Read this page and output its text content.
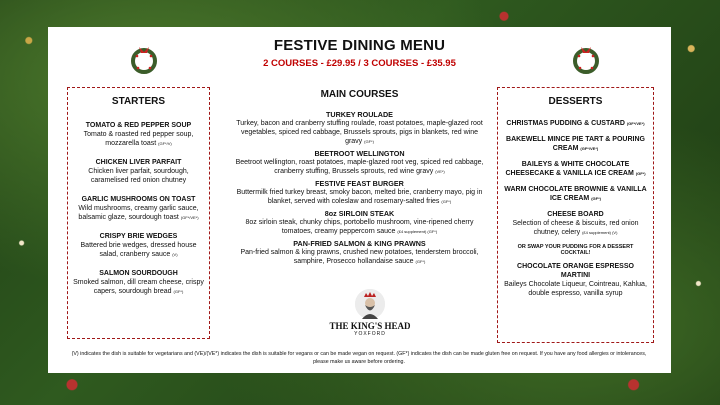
FESTIVE DINING MENU
2 COURSES - £29.95 / 3 COURSES - £35.95
STARTERS
TOMATO & RED PEPPER SOUP
Tomato & roasted red pepper soup, mozzarella toast (GF*/V)
CHICKEN LIVER PARFAIT
Chicken liver parfait, sourdough, caramelised red onion chutney
GARLIC MUSHROOMS ON TOAST
Wild mushrooms, creamy garlic sauce, balsamic glaze, sourdough toast (GF*/VE*)
CRISPY BRIE WEDGES
Battered brie wedges, dressed house salad, cranberry sauce (V)
SALMON SOURDOUGH
Smoked salmon, dill cream cheese, crispy capers, sourdough bread (GF*)
MAIN COURSES
TURKEY ROULADE
Turkey, bacon and cranberry stuffing roulade, roast potatoes, maple-glazed root vegetables, spiced red cabbage, Brussels sprouts, pigs in blankets, red wine gravy (GF*)
BEETROOT WELLINGTON
Beetroot wellington, roast potatoes, maple-glazed root veg, spiced red cabbage, cranberry stuffing, Brussels sprouts, red wine gravy (VE*)
FESTIVE FEAST BURGER
Buttermilk fried turkey breast, smoky bacon, melted brie, cranberry mayo, pig in blanket, served with coleslaw and rosemary-salted fries (GF*)
8oz SIRLOIN STEAK
8oz sirloin steak, chunky chips, portobello mushroom, vine-ripened cherry tomatoes, creamy peppercorn sauce (£4 supplement) (GF*)
PAN-FRIED SALMON & KING PRAWNS
Pan-fried salmon & king prawns, crushed new potatoes, tenderstem broccoli, samphire, Prosecco hollandaise sauce (GF*)
DESSERTS
CHRISTMAS PUDDING & CUSTARD (GF*/VE*)
BAKEWELL MINCE PIE TART & POURING CREAM (GF*/VE*)
BAILEYS & WHITE CHOCOLATE CHEESECAKE & VANILLA ICE CREAM (GF*)
WARM CHOCOLATE BROWNIE & VANILLA ICE CREAM (GF*)
CHEESE BOARD
Selection of cheese & biscuits, red onion chutney, celery (£4 supplement) (V)
OR SWAP YOUR PUDDING FOR A DESSERT COCKTAIL!
CHOCOLATE ORANGE ESPRESSO MARTINI
Baileys Chocolate Liqueur, Cointreau, Kahlua, double espresso, vanilla syrup
THE KING'S HEAD
YOXFORD
(V) indicates the dish is suitable for vegetarians and (VE)/(VE*) indicates the dish is suitable for vegans or can be made vegan on request. (GF*) indicates the dish can be made gluten free on request. If you have any food allergies or intolerances, please make us aware before ordering.
